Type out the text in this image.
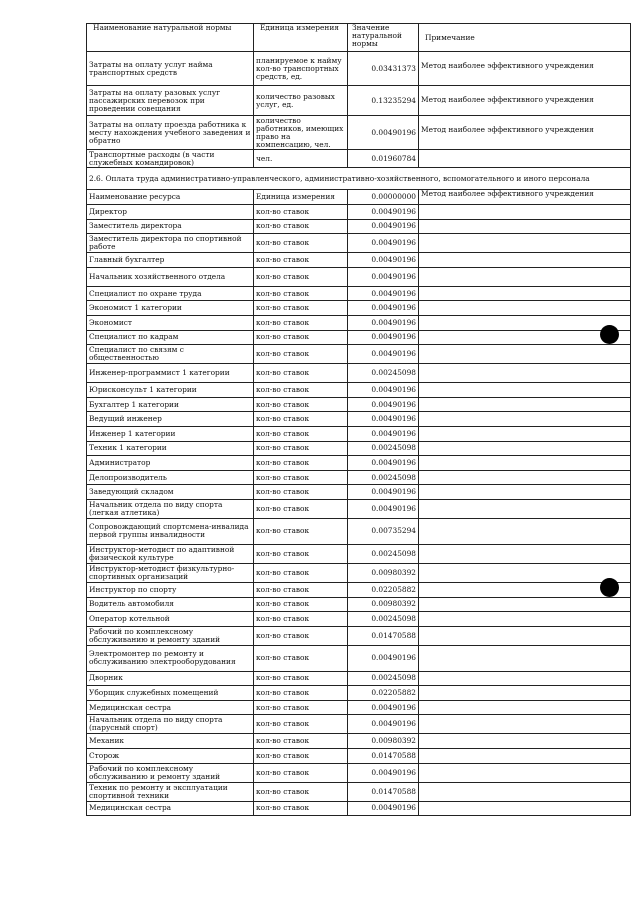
Наименование натуральной нормы	Единица измерения	Значение натуральной нормы	Примечание
Затраты на оплату услуг найма транспортных средств	планируемое к найму кол-во транспортных средств, ед.	0.03431373	Метод наиболее эффективного учреждения
Затраты на оплату разовых услуг пассажирских перевозок при проведении совещания	количество разовых услуг, ед.	0.13235294	Метод наиболее эффективного учреждения
Затраты на оплату проезда работника к месту нахождения учебного заведения и обратно	количество работников, имеющих право на компенсацию, чел.	0.00490196	Метод наиболее эффективного учреждения
Транспортные расходы (в части служебных командировок)	чел.	0.01960784	
2.6. Оплата труда административно-управленческого, административно-хозяйственного, вспомогательного и иного персонала			
Наименование ресурса	Единица измерения	0.00000000	Метод наиболее эффективного учреждения
Директор	кол-во ставок	0.00490196	
Заместитель директора	кол-во ставок	0.00490196	
Заместитель директора по спортивной работе	кол-во ставок	0.00490196	
Главный бухгалтер	кол-во ставок	0.00490196	
Начальник хозяйственного отдела	кол-во ставок	0.00490196	
Специалист по охране труда	кол-во ставок	0.00490196	
Экономист 1 категории	кол-во ставок	0.00490196	
Экономист	кол-во ставок	0.00490196	
Специалист по кадрам	кол-во ставок	0.00490196	
Специалист по связям с общественностью	кол-во ставок	0.00490196	
Инженер-программист 1 категории	кол-во ставок	0.00245098	
Юрисконсульт 1 категории	кол-во ставок	0.00490196	
Бухгалтер 1 категории	кол-во ставок	0.00490196	
Ведущий инженер	кол-во ставок	0.00490196	
Инженер 1 категории	кол-во ставок	0.00490196	
Техник 1 категории	кол-во ставок	0.00245098	
Администратор	кол-во ставок	0.00490196	
Делопроизводитель	кол-во ставок	0.00245098	
Заведующий складом	кол-во ставок	0.00490196	
Начальник отдела по виду спорта (легкая атлетика)	кол-во ставок	0.00490196	
Сопровождающий спортсмена-инвалида первой группы инвалидности	кол-во ставок	0.00735294	
Инструктор-методист по адаптивной физической культуре	кол-во ставок	0.00245098	
Инструктор-методист физкультурно-спортивных организаций	кол-во ставок	0.00980392	
Инструктор по спорту	кол-во ставок	0.02205882	
Водитель автомобиля	кол-во ставок	0.00980392	
Оператор котельной	кол-во ставок	0.00245098	
Рабочий по комплексному обслуживанию и ремонту зданий	кол-во ставок	0.01470588	
Электромонтер по ремонту и обслуживанию электрооборудования	кол-во ставок	0.00490196	
Дворник	кол-во ставок	0.00245098	
Уборщик служебных помещений	кол-во ставок	0.02205882	
Медицинская сестра	кол-во ставок	0.00490196	
Начальник отдела по виду спорта (парусный спорт)	кол-во ставок	0.00490196	
Механик	кол-во ставок	0.00980392	
Сторож	кол-во ставок	0.01470588	
Рабочий по комплексному обслуживанию и ремонту зданий	кол-во ставок	0.00490196	
Техник по ремонту и эксплуатации спортивной техники	кол-во ставок	0.01470588	
Медицинская сестра	кол-во ставок	0.00490196	
